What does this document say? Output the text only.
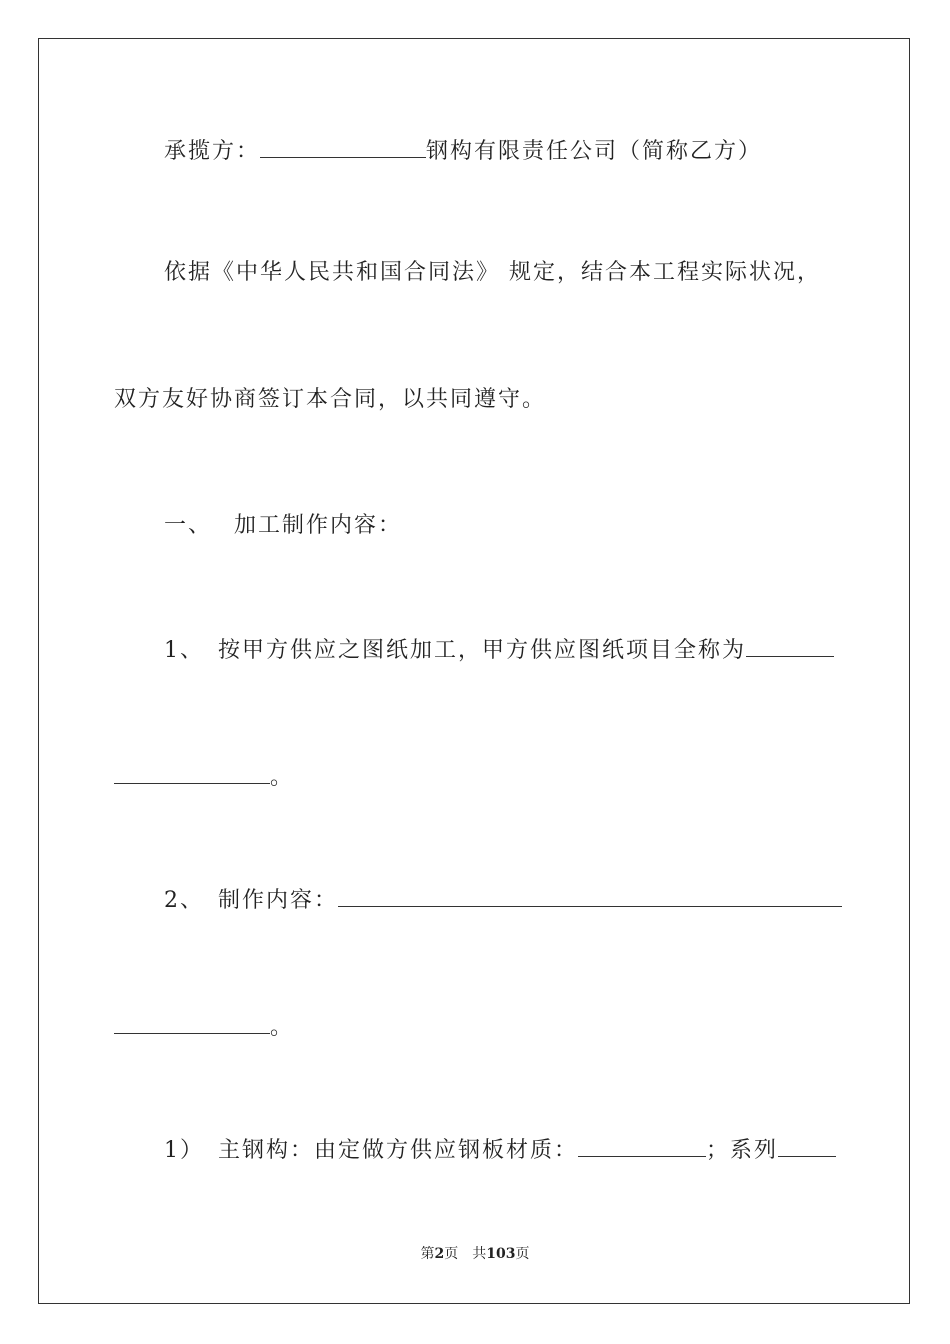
承揽方：	钢构有限责任公司（简称乙方）
依据《中华人民共和国合同法》 规定，结合本工程实际状况，
双方友好协商签订本合同，以共同遵守。
一、 加工制作内容：
1、 按甲方供应之图纸加工，甲方供应图纸项目全称为
。
2、 制作内容：
。
1） 主钢构：由定做方供应钢板材质：	；系列
第2页　共103页
